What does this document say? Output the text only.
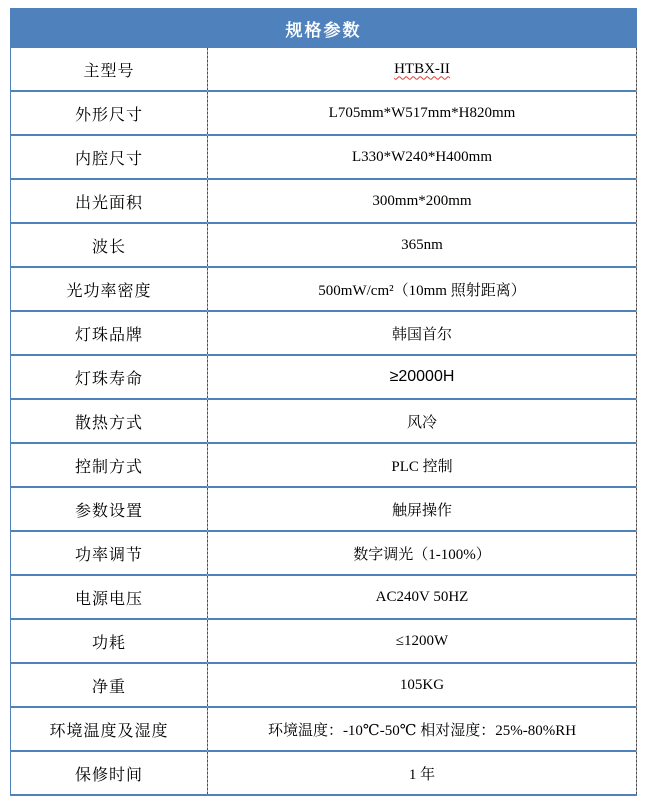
规格参数
主型号	HTBX-II
外形尺寸	L705mm*W517mm*H820mm
内腔尺寸	L330*W240*H400mm
出光面积	300mm*200mm
波长	365nm
光功率密度	500mW/cm²（10mm 照射距离）
灯珠品牌	韩国首尔
灯珠寿命	≥20000H
散热方式	风冷
控制方式	PLC 控制
参数设置	触屏操作
功率调节	数字调光（1-100%）
电源电压	AC240V 50HZ
功耗	≤1200W
净重	105KG
环境温度及湿度	环境温度：-10℃-50℃ 相对湿度：25%-80%RH
保修时间	1 年
